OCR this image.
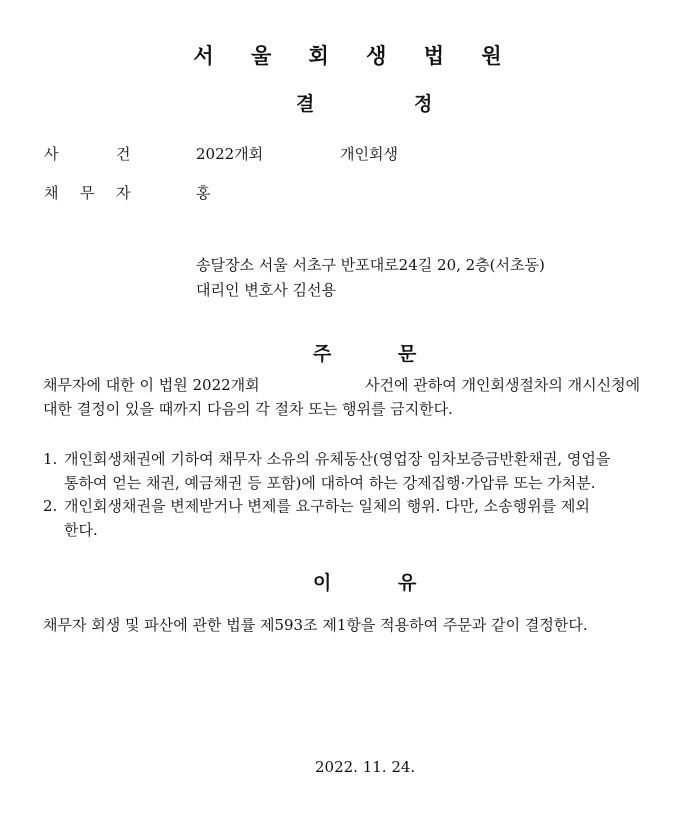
서 울 회 생 법 원
결	정
사	건	2022개회	개인회생
채 무 자	홍
송달장소 서울 서초구 반포대로24길 20, 2층(서초동)
대리인 변호사 김선용
주	문
채무자에 대한 이 법원 2022개회	사건에 관하여 개인회생절차의 개시신청에
대한 결정이 있을 때까지 다음의 각 절차 또는 행위를 금지한다.
1. 개인회생채권에 기하여 채무자 소유의 유체동산(영업장 임차보증금반환채권, 영업을
통하여 얻는 채권, 예금채권 등 포함)에 대하여 하는 강제집행·가압류 또는 가처분.
2. 개인회생채권을 변제받거나 변제를 요구하는 일체의 행위. 다만, 소송행위를 제외
한다.
이	유
채무자 회생 및 파산에 관한 법률 제593조 제1항을 적용하여 주문과 같이 결정한다.
2022. 11. 24.
